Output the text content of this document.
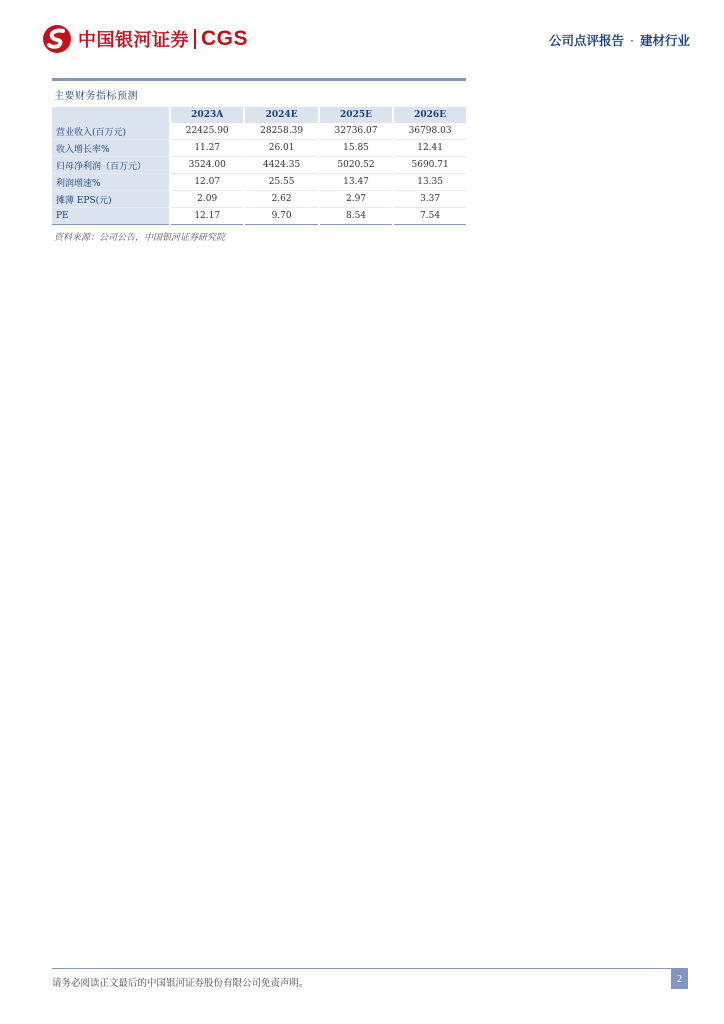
中国银河证券 CGS	公司点评报告 · 建材行业
主要财务指标预测
	2023A	2024E	2025E	2026E
营业收入(百万元)	22425.90	28258.39	32736.07	36798.03
收入增长率%	11.27	26.01	15.85	12.41
归母净利润（百万元）	3524.00	4424.35	5020.52	5690.71
利润增速%	12.07	25.55	13.47	13.35
摊薄 EPS(元)	2.09	2.62	2.97	3.37
PE	12.17	9.70	8.54	7.54
资料来源：公司公告，中国银河证券研究院
请务必阅读正文最后的中国银河证券股份有限公司免责声明。	2
